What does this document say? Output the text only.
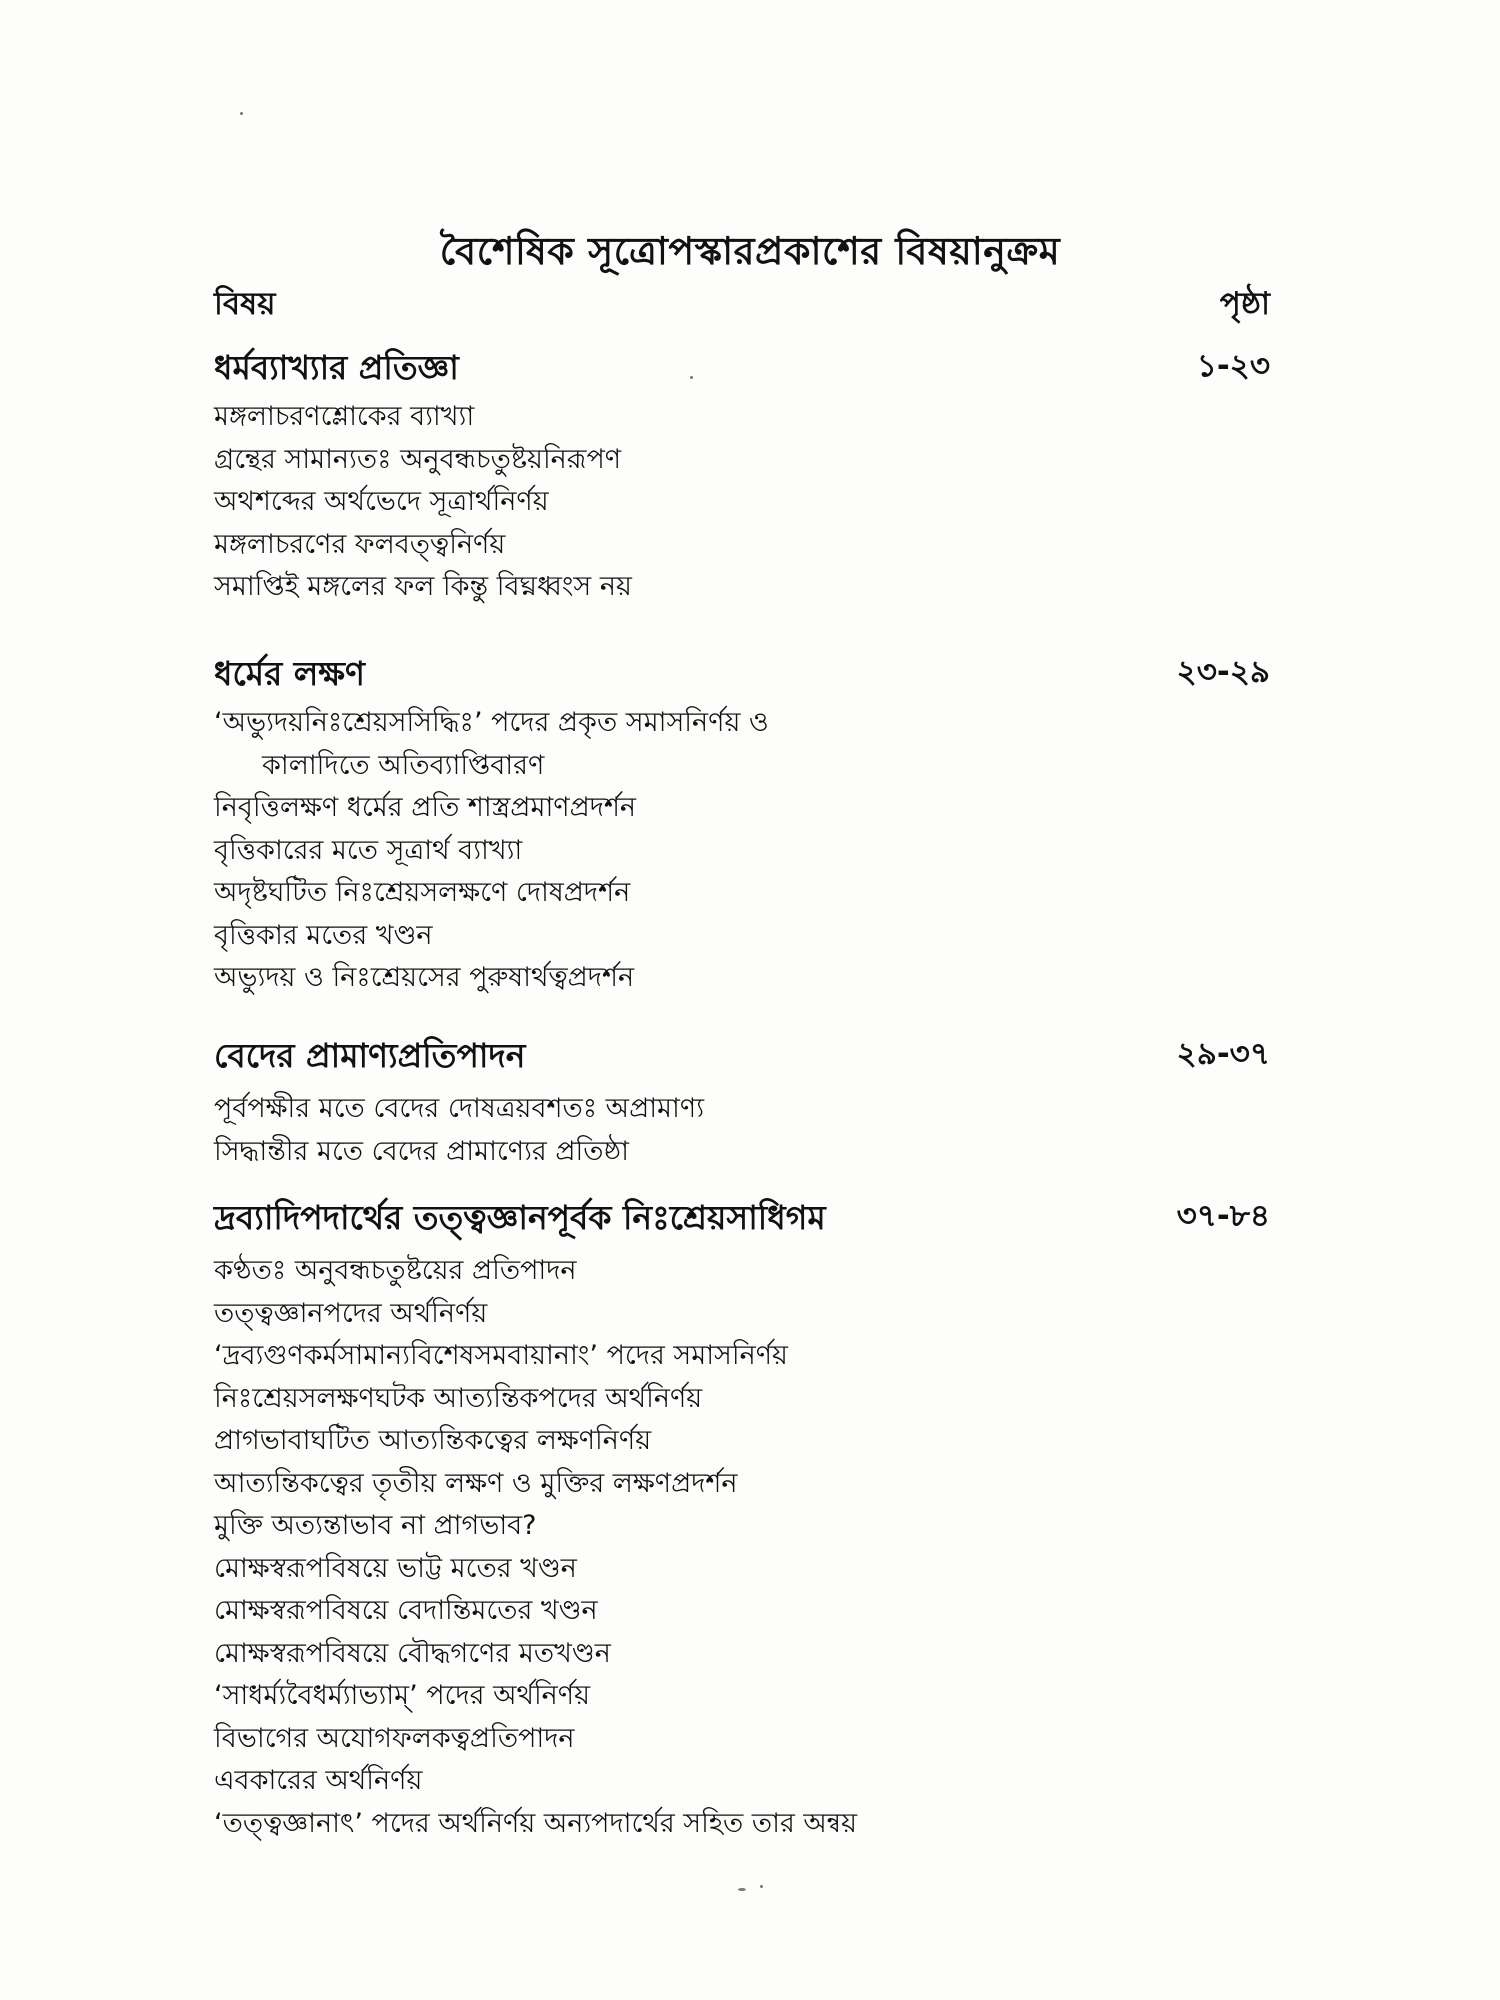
বৈশেষিক সূত্রোপস্কারপ্রকাশের বিষয়ানুক্রম
বিষয়	পৃষ্ঠা
ধর্মব্যাখ্যার প্রতিজ্ঞা	১-২৩
মঙ্গলাচরণশ্লোকের ব্যাখ্যা
গ্রন্থের সামান্যতঃ অনুবন্ধচতুষ্টয়নিরূপণ
অথশব্দের অর্থভেদে সূত্রার্থনির্ণয়
মঙ্গলাচরণের ফলবত্ত্বনির্ণয়
সমাপ্তিই মঙ্গলের ফল কিন্তু বিঘ্নধ্বংস নয়
ধর্মের লক্ষণ	২৩-২৯
‘অভ্যুদয়নিঃশ্রেয়সসিদ্ধিঃ’ পদের প্রকৃত সমাসনির্ণয় ও
কালাদিতে অতিব্যাপ্তিবারণ
নিবৃত্তিলক্ষণ ধর্মের প্রতি শাস্ত্রপ্রমাণপ্রদর্শন
বৃত্তিকারের মতে সূত্রার্থ ব্যাখ্যা
অদৃষ্টঘটিত নিঃশ্রেয়সলক্ষণে দোষপ্রদর্শন
বৃত্তিকার মতের খণ্ডন
অভ্যুদয় ও নিঃশ্রেয়সের পুরুষার্থত্বপ্রদর্শন
বেদের প্রামাণ্যপ্রতিপাদন	২৯-৩৭
পূর্বপক্ষীর মতে বেদের দোষত্রয়বশতঃ অপ্রামাণ্য
সিদ্ধান্তীর মতে বেদের প্রামাণ্যের প্রতিষ্ঠা
দ্রব্যাদিপদার্থের তত্ত্বজ্ঞানপূর্বক নিঃশ্রেয়সাধিগম	৩৭-৮৪
কণ্ঠতঃ অনুবন্ধচতুষ্টয়ের প্রতিপাদন
তত্ত্বজ্ঞানপদের অর্থনির্ণয়
‘দ্রব্যগুণকর্মসামান্যবিশেষসমবায়ানাং’ পদের সমাসনির্ণয়
নিঃশ্রেয়সলক্ষণঘটক আত্যন্তিকপদের অর্থনির্ণয়
প্রাগভাবাঘটিত আত্যন্তিকত্বের লক্ষণনির্ণয়
আত্যন্তিকত্বের তৃতীয় লক্ষণ ও মুক্তির লক্ষণপ্রদর্শন
মুক্তি অত্যন্তাভাব না প্রাগভাব?
মোক্ষস্বরূপবিষয়ে ভাট্ট মতের খণ্ডন
মোক্ষস্বরূপবিষয়ে বেদান্তিমতের খণ্ডন
মোক্ষস্বরূপবিষয়ে বৌদ্ধগণের মতখণ্ডন
‘সাধর্ম্যবৈধর্ম্যাভ্যাম্’ পদের অর্থনির্ণয়
বিভাগের অযোগফলকত্বপ্রতিপাদন
এবকারের অর্থনির্ণয়
‘তত্ত্বজ্ঞানাৎ’ পদের অর্থনির্ণয় অন্যপদার্থের সহিত তার অন্বয়
